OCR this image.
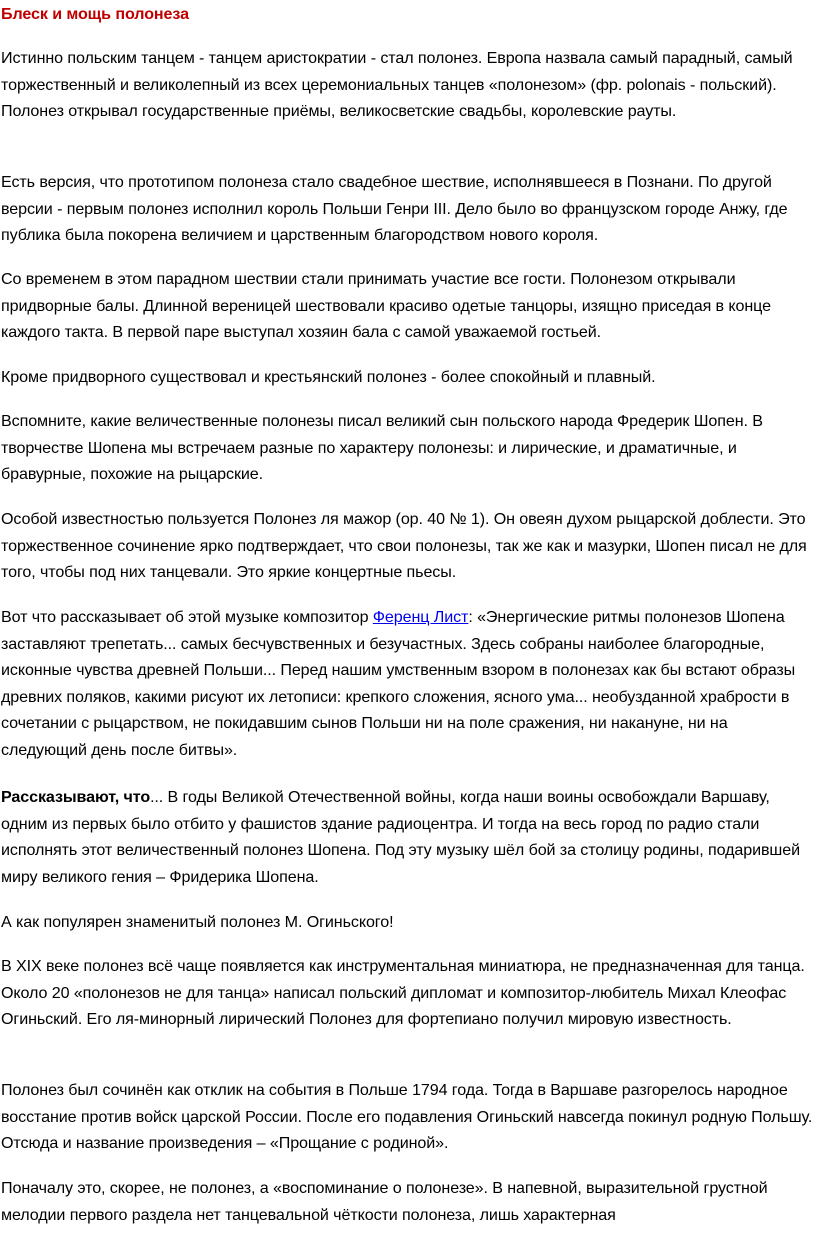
Блеск и мощь полонеза

Истинно польским танцем - танцем аристократии - стал полонез. Европа назвала самый парадный, самый торжественный и великолепный из всех церемониальных танцев «полонезом» (фр. polonais - польский). Полонез открывал государственные приёмы, великосветские свадьбы, королевские рауты.

Есть версия, что прототипом полонеза стало свадебное шествие, исполнявшееся в Познани. По другой версии - первым полонез исполнил король Польши Генри III. Дело было во французском городе Анжу, где публика была покорена величием и царственным благородством нового короля.

Со временем в этом парадном шествии стали принимать участие все гости. Полонезом открывали придворные балы. Длинной вереницей шествовали красиво одетые танцоры, изящно приседая в конце каждого такта. В первой паре выступал хозяин бала с самой уважаемой гостьей.

Кроме придворного существовал и крестьянский полонез - более спокойный и плавный.

Вспомните, какие величественные полонезы писал великий сын польского народа Фредерик Шопен. В творчестве Шопена мы встречаем разные по характеру полонезы: и лирические, и драматичные, и бравурные, похожие на рыцарские.

Особой известностью пользуется Полонез ля мажор (ор. 40 № 1). Он овеян духом рыцарской доблести. Это торжественное сочинение ярко подтверждает, что свои полонезы, так же как и мазурки, Шопен писал не для того, чтобы под них танцевали. Это яркие концертные пьесы.

Вот что рассказывает об этой музыке композитор Ференц Лист: «Энергические ритмы полонезов Шопена заставляют трепетать... самых бесчувственных и безучастных. Здесь собраны наиболее благородные, исконные чувства древней Польши... Перед нашим умственным взором в полонезах как бы встают образы древних поляков, какими рисуют их летописи: крепкого сложения, ясного ума... необузданной храбрости в сочетании с рыцарством, не покидавшим сынов Польши ни на поле сражения, ни накануне, ни на следующий день после битвы».

Рассказывают, что... В годы Великой Отечественной войны, когда наши воины освобождали Варшаву, одним из первых было отбито у фашистов здание радиоцентра. И тогда на весь город по радио стали исполнять этот величественный полонез Шопена. Под эту музыку шёл бой за столицу родины, подарившей миру великого гения – Фридерика Шопена.

А как популярен знаменитый полонез М. Огиньского!

В XIX веке полонез всё чаще появляется как инструментальная миниатюра, не предназначенная для танца. Около 20 «полонезов не для танца» написал польский дипломат и композитор-любитель Михал Клеофас Огиньский. Его ля-минорный лирический Полонез для фортепиано получил мировую известность.

Полонез был сочинён как отклик на события в Польше 1794 года. Тогда в Варшаве разгорелось народное восстание против войск царской России. После его подавления Огиньский навсегда покинул родную Польшу. Отсюда и название произведения – «Прощание с родиной».

Поначалу это, скорее, не полонез, а «воспоминание о полонезе». В напевной, выразительной грустной мелодии первого раздела нет танцевальной чёткости полонеза, лишь характерная
